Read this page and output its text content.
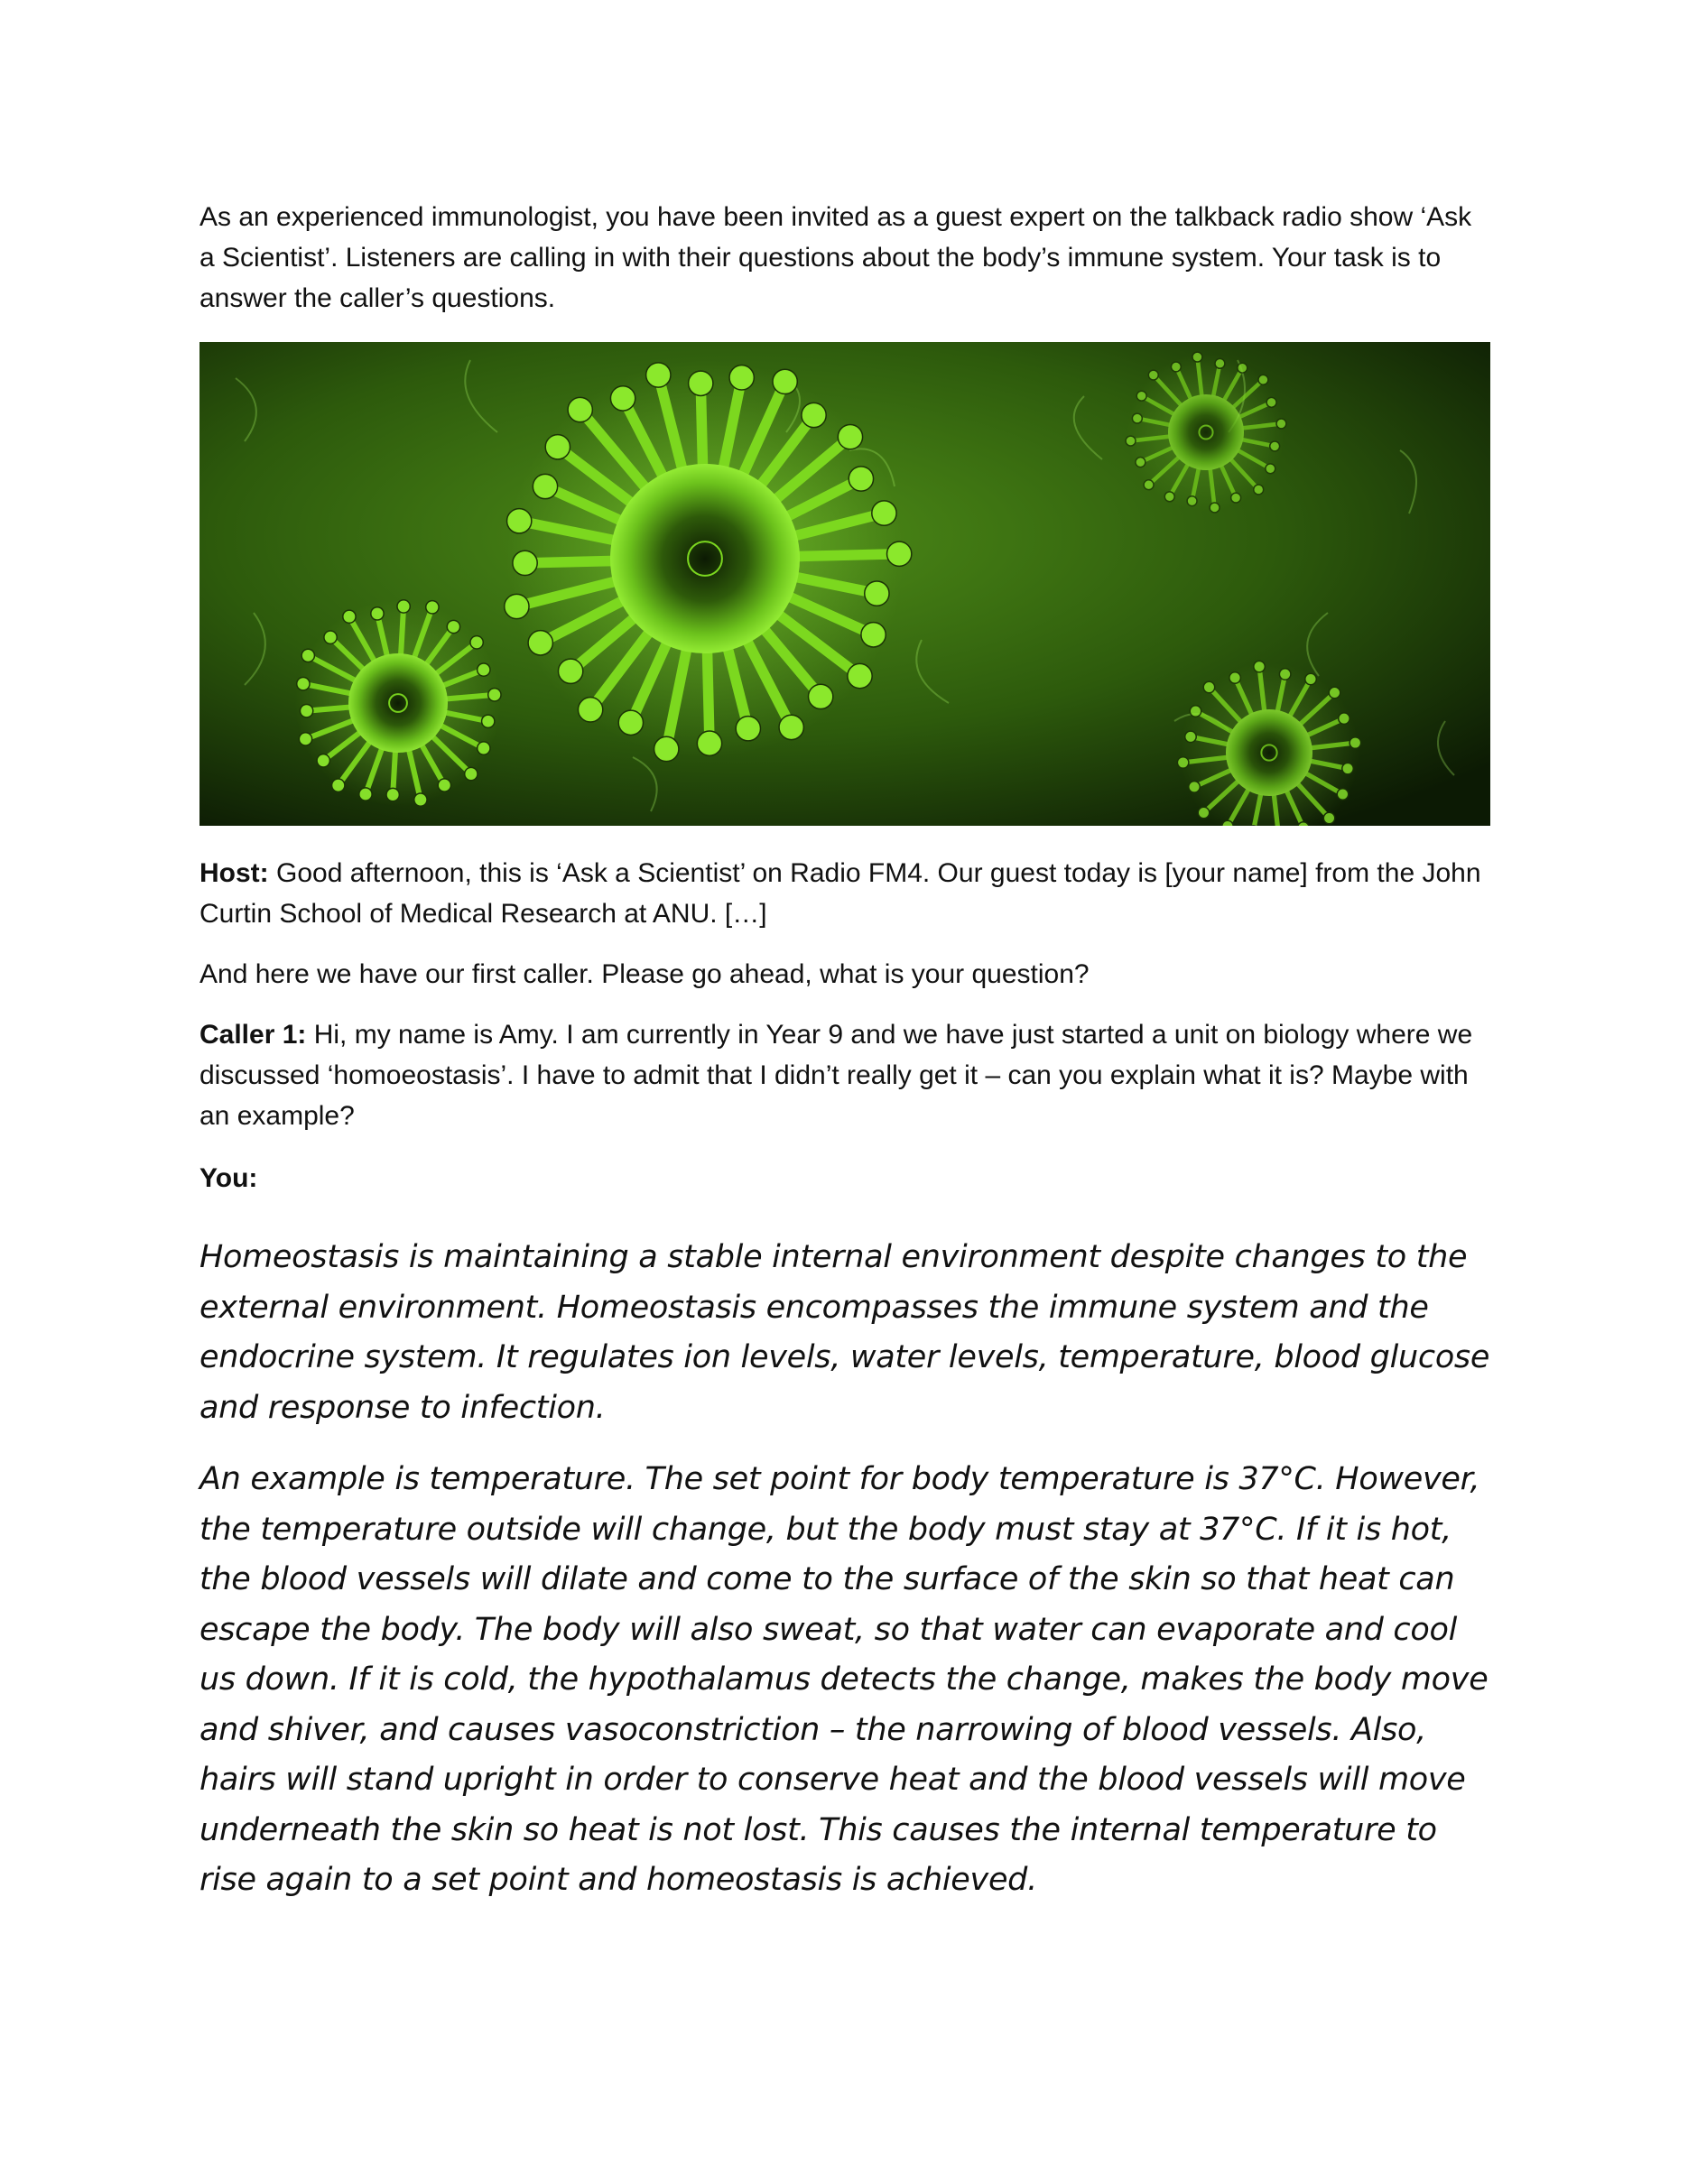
As an experienced immunologist, you have been invited as a guest expert on the talkback radio show ‘Ask a Scientist’. Listeners are calling in with their questions about the body’s immune system. Your task is to answer the caller’s questions.

Host: Good afternoon, this is ‘Ask a Scientist’ on Radio FM4. Our guest today is [your name] from the John Curtin School of Medical Research at ANU. […]

And here we have our first caller. Please go ahead, what is your question?

Caller 1: Hi, my name is Amy. I am currently in Year 9 and we have just started a unit on biology where we discussed ‘homoeostasis’. I have to admit that I didn’t really get it – can you explain what it is? Maybe with an example?

You:

Homeostasis is maintaining a stable internal environment despite changes to the external environment. Homeostasis encompasses the immune system and the endocrine system. It regulates ion levels, water levels, temperature, blood glucose and response to infection.

An example is temperature. The set point for body temperature is 37°C. However, the temperature outside will change, but the body must stay at 37°C. If it is hot, the blood vessels will dilate and come to the surface of the skin so that heat can escape the body. The body will also sweat, so that water can evaporate and cool us down. If it is cold, the hypothalamus detects the change, makes the body move and shiver, and causes vasoconstriction – the narrowing of blood vessels. Also, hairs will stand upright in order to conserve heat and the blood vessels will move underneath the skin so heat is not lost. This causes the internal temperature to rise again to a set point and homeostasis is achieved.
